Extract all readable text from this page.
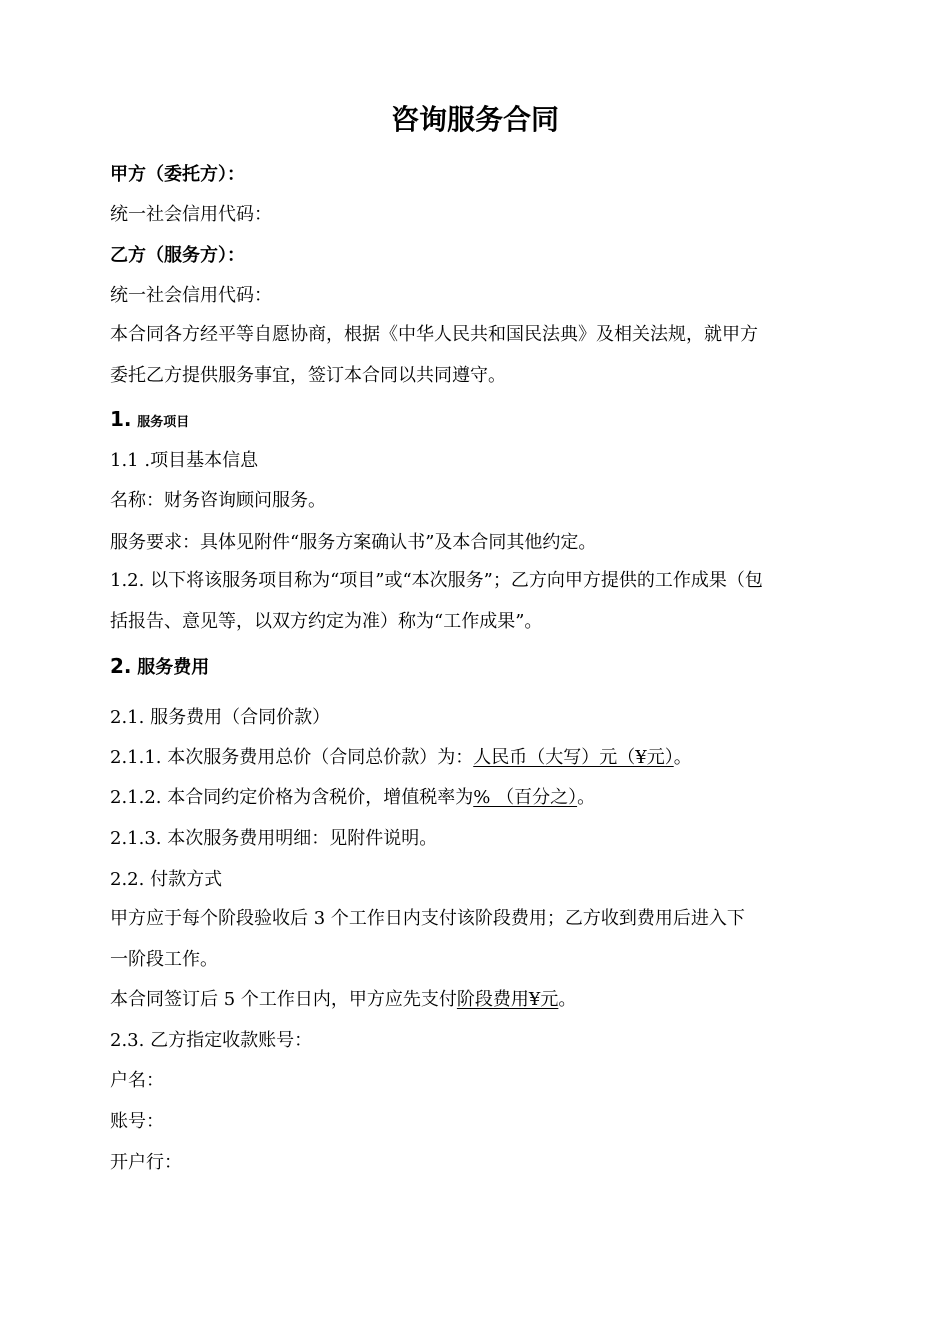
咨询服务合同
甲方（委托方）：
统一社会信用代码：
乙方（服务方）：
统一社会信用代码：
本合同各方经平等自愿协商，根据《中华人民共和国民法典》及相关法规，就甲方
委托乙方提供服务事宜，签订本合同以共同遵守。
1. 服务项目
1.1 .项目基本信息
名称：财务咨询顾问服务。
服务要求：具体见附件“服务方案确认书”及本合同其他约定。
1.2. 以下将该服务项目称为“项目”或“本次服务”；乙方向甲方提供的工作成果（包
括报告、意见等，以双方约定为准）称为“工作成果”。
2. 服务费用
2.1. 服务费用（合同价款）
2.1.1. 本次服务费用总价（合同总价款）为：人民币（大写）元（¥元）。
2.1.2. 本合同约定价格为含税价，增值税率为% （百分之）。
2.1.3. 本次服务费用明细：见附件说明。
2.2. 付款方式
甲方应于每个阶段验收后 3 个工作日内支付该阶段费用；乙方收到费用后进入下
一阶段工作。
本合同签订后 5 个工作日内，甲方应先支付阶段费用¥元。
2.3. 乙方指定收款账号：
户名：
账号：
开户行：
